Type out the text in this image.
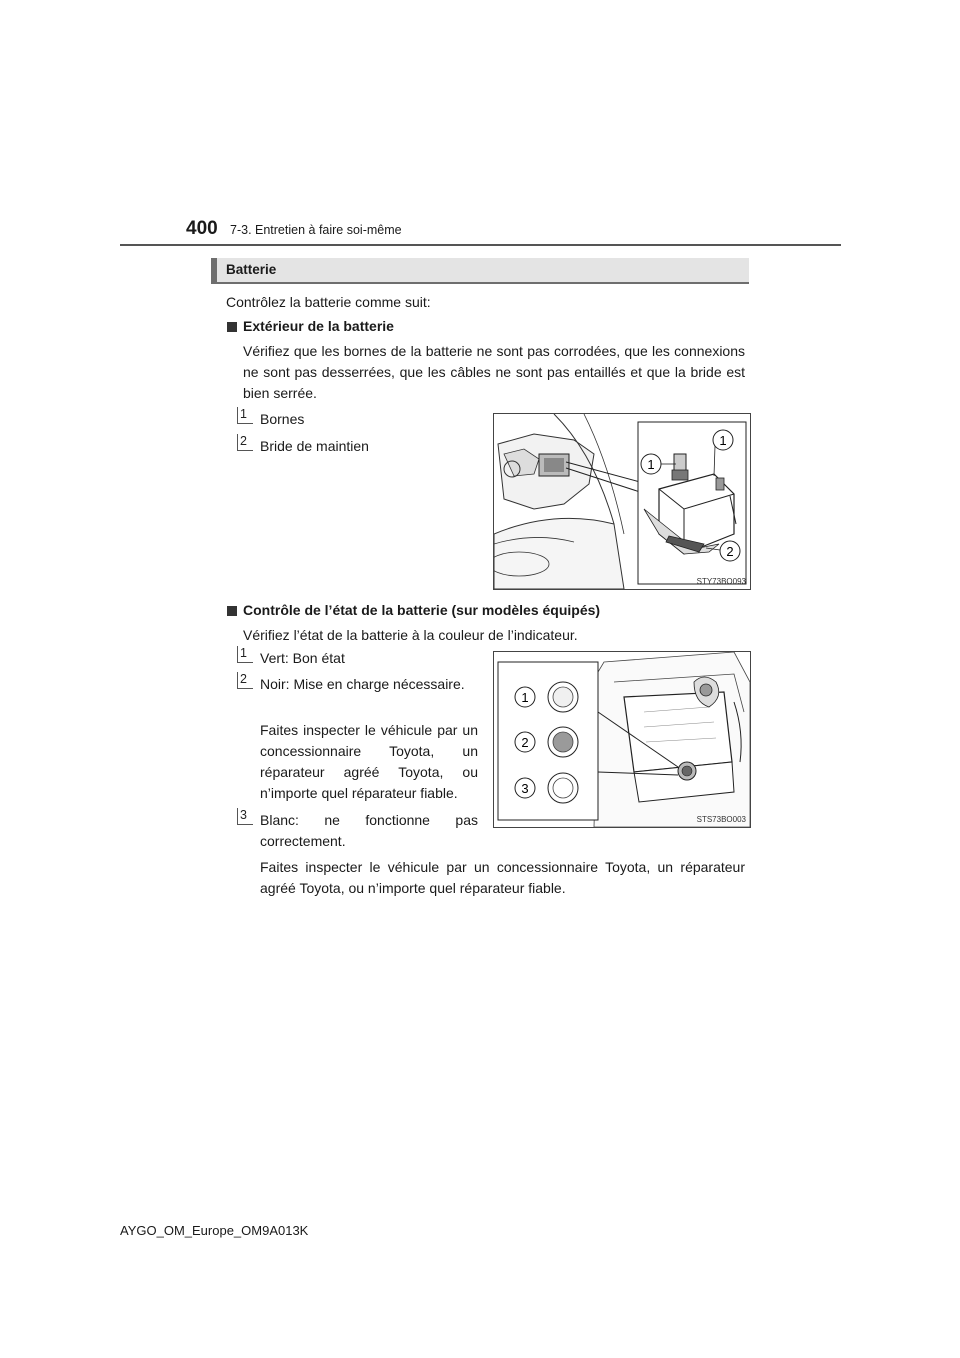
400 7-3. Entretien à faire soi-même
Batterie
Contrôlez la batterie comme suit:
Extérieur de la batterie
Vérifiez que les bornes de la batterie ne sont pas corrodées, que les connexions ne sont pas desserrées, que les câbles ne sont pas entaillés et que la bride est bien serrée.
1 Bornes
2 Bride de maintien	1
1
2
STY73BO093
Contrôle de l’état de la batterie (sur modèles équipés)
Vérifiez l’état de la batterie à la couleur de l’indicateur.
1 Vert: Bon état
2 Noir: Mise en charge nécessaire.
Faites inspecter le véhicule par un concessionnaire Toyota, un réparateur agréé Toyota, ou n’importe quel réparateur fiable.
3 Blanc: ne fonctionne pas correctement.
Faites inspecter le véhicule par un concessionnaire Toyota, un réparateur agréé Toyota, ou n’importe quel réparateur fiable.
1
2
3
STS73BO003
AYGO_OM_Europe_OM9A013K
